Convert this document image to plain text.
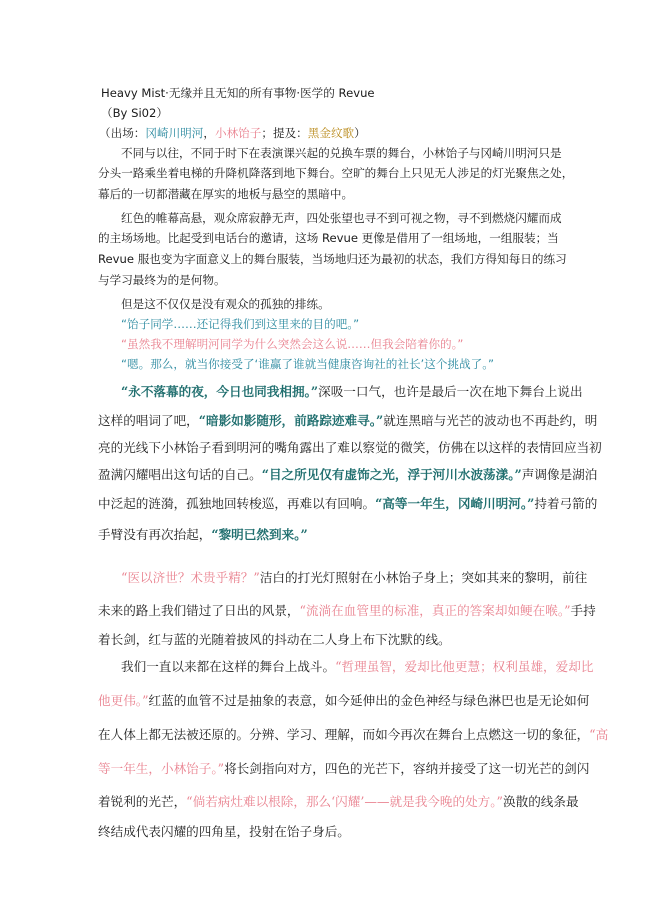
Heavy Mist·无缘并且无知的所有事物·医学的 Revue
（By Si02）
（出场：冈崎川明河，小林饴子；提及：黑金纹歌）
不同与以往，不同于时下在表演课兴起的兑换车票的舞台，小林饴子与冈崎川明河只是
分头一路乘坐着电梯的升降机降落到地下舞台。空旷的舞台上只见无人涉足的灯光聚焦之处，
幕后的一切都潜藏在厚实的地板与悬空的黑暗中。
红色的帷幕高悬，观众席寂静无声，四处张望也寻不到可视之物，寻不到燃烧闪耀而成
的主场场地。比起受到电话台的邀请，这场 Revue 更像是借用了一组场地，一组服装；当
Revue 服也变为字面意义上的舞台服装，当场地归还为最初的状态，我们方得知每日的练习
与学习最终为的是何物。
但是这不仅仅是没有观众的孤独的排练。
“饴子同学……还记得我们到这里来的目的吧。”
“虽然我不理解明河同学为什么突然会这么说……但我会陪着你的。”
“嗯。那么，就当你接受了‘谁赢了谁就当健康咨询社的社长’这个挑战了。”
“永不落幕的夜，今日也同我相拥。”深吸一口气，也许是最后一次在地下舞台上说出
这样的唱词了吧，“暗影如影随形，前路踪迹难寻。”就连黑暗与光芒的波动也不再赴约，明
亮的光线下小林饴子看到明河的嘴角露出了难以察觉的微笑，仿佛在以这样的表情回应当初
盈满闪耀唱出这句话的自己。“目之所见仅有虚饰之光，浮于河川水波荡漾。”声调像是湖泊
中泛起的涟漪，孤独地回转梭巡，再难以有回响。“高等一年生，冈崎川明河。”持着弓箭的
手臂没有再次抬起，“黎明已然到来。”
“医以济世？术贵乎精？”洁白的打光灯照射在小林饴子身上；突如其来的黎明，前往
未来的路上我们错过了日出的风景，“流淌在血管里的标准，真正的答案却如鲠在喉。”手持
着长剑，红与蓝的光随着披风的抖动在二人身上布下沈默的线。
我们一直以来都在这样的舞台上战斗。“哲理虽智，爱却比他更慧；权利虽雄，爱却比
他更伟。”红蓝的血管不过是抽象的表意，如今延伸出的金色神经与绿色淋巴也是无论如何
在人体上都无法被还原的。分辨、学习、理解，而如今再次在舞台上点燃这一切的象征，“高
等一年生，小林饴子。”将长剑指向对方，四色的光芒下，容纳并接受了这一切光芒的剑闪
着锐利的光芒，“倘若病灶难以根除，那么‘闪耀’——就是我今晚的处方。”涣散的线条最
终结成代表闪耀的四角星，投射在饴子身后。
